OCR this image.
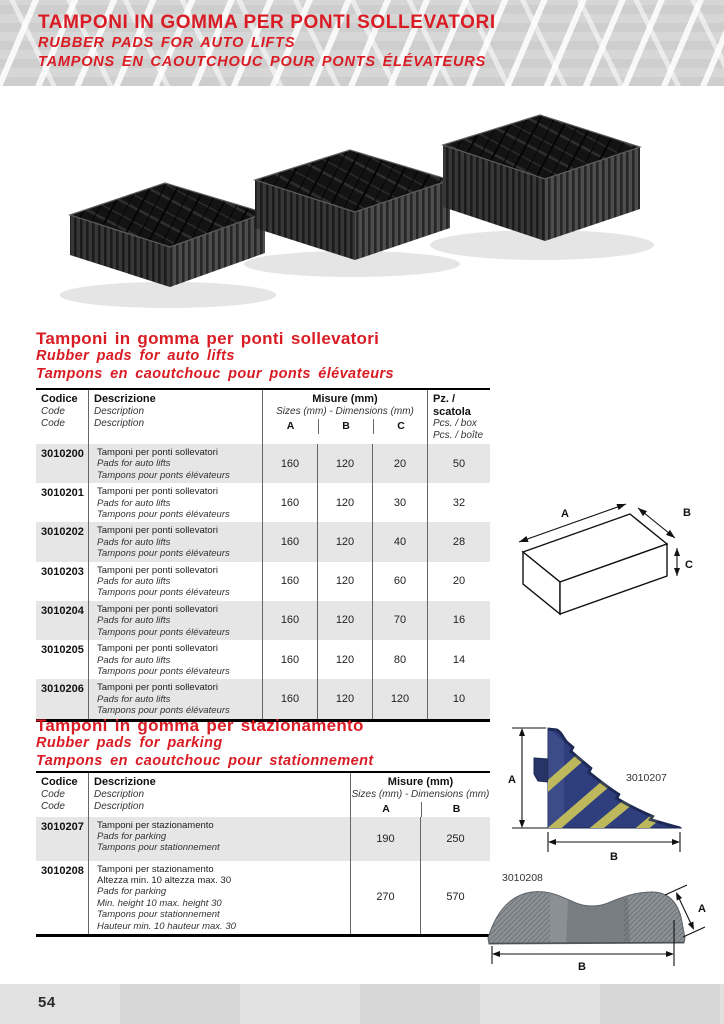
TAMPONI IN GOMMA PER PONTI SOLLEVATORI
RUBBER PADS FOR AUTO LIFTS
TAMPONS EN CAOUTCHOUC POUR PONTS ÉLÉVATEURS
Tamponi in gomma per ponti sollevatori
Rubber pads for auto lifts
Tampons en caoutchouc pour ponts élévateurs
Codice
Code
Code
Descrizione
Description
Description
Misure (mm)
Sizes (mm) - Dimensions (mm)
A	B	C
Pz. / scatola
Pcs. / box
Pcs. / boîte
3010200	Tamponi per ponti sollevatori
Pads for auto lifts
Tampons pour ponts élévateurs
160	120	20	50
3010201	Tamponi per ponti sollevatori
Pads for auto lifts
Tampons pour ponts élévateurs
160	120	30	32
3010202	Tamponi per ponti sollevatori
Pads for auto lifts
Tampons pour ponts élévateurs
160	120	40	28
3010203	Tamponi per ponti sollevatori
Pads for auto lifts
Tampons pour ponts élévateurs
160	120	60	20
3010204	Tamponi per ponti sollevatori
Pads for auto lifts
Tampons pour ponts élévateurs
160	120	70	16
3010205	Tamponi per ponti sollevatori
Pads for auto lifts
Tampons pour ponts élévateurs
160	120	80	14
3010206	Tamponi per ponti sollevatori
Pads for auto lifts
Tampons pour ponts élévateurs
160	120	120	10
A	B
C
Tamponi in gomma per stazionamento
Rubber pads for parking
Tampons en caoutchouc pour stationnement
Codice
Code
Code
Descrizione
Description
Description
Misure (mm)
Sizes (mm) - Dimensions (mm)
A	B
3010207	Tamponi per stazionamento
Pads for parking
Tampons pour stationnement
190	250
3010208	Tamponi per stazionamento
Altezza min. 10 altezza max. 30
Pads for parking
Min. height 10 max. height 30
Tampons pour stationnement
Hauteur min. 10 hauteur max. 30
270	570
A	3010207
B
3010208
A
B
54
